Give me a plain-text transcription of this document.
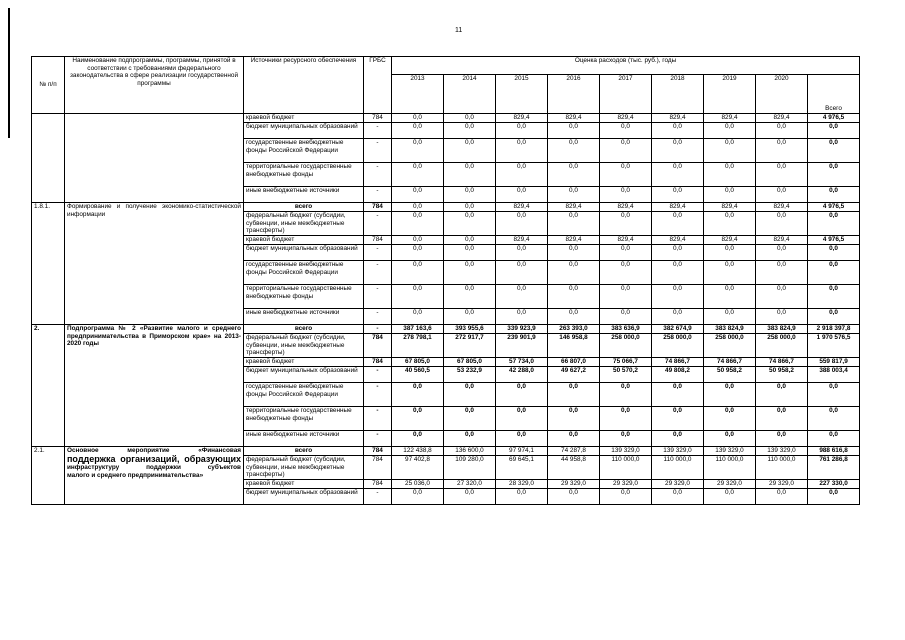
11
№ п/п	Наименование подпрограммы, программы, принятой в соответствии с требованиями федерального законодательства в сфере реализации государственной программы	Источники ресурсного обеспечения	ГРБС	Оценка расходов (тыс. руб.), годы								
				2013	2014	2015	2016	2017	2018	2019	2020	Всего
		краевой бюджет	784	0,0	0,0	829,4	829,4	829,4	829,4	829,4	829,4	4 976,5
		бюджет муниципальных образований	-	0,0	0,0	0,0	0,0	0,0	0,0	0,0	0,0	0,0
		государственные внебюджетные фонды Российской Федерации	-	0,0	0,0	0,0	0,0	0,0	0,0	0,0	0,0	0,0
		территориальные государственные внебюджетные фонды	-	0,0	0,0	0,0	0,0	0,0	0,0	0,0	0,0	0,0
		иные внебюджетные источники	-	0,0	0,0	0,0	0,0	0,0	0,0	0,0	0,0	0,0
1.8.1.	Формирование и получение экономико-статистической информации	всего	784	0,0	0,0	829,4	829,4	829,4	829,4	829,4	829,4	4 976,5
		федеральный бюджет (субсидии, субвенции, иные межбюджетные трансферты)	-	0,0	0,0	0,0	0,0	0,0	0,0	0,0	0,0	0,0
		краевой бюджет	784	0,0	0,0	829,4	829,4	829,4	829,4	829,4	829,4	4 976,5
		бюджет муниципальных образований	-	0,0	0,0	0,0	0,0	0,0	0,0	0,0	0,0	0,0
		государственные внебюджетные фонды Российской Федерации	-	0,0	0,0	0,0	0,0	0,0	0,0	0,0	0,0	0,0
		территориальные государственные внебюджетные фонды	-	0,0	0,0	0,0	0,0	0,0	0,0	0,0	0,0	0,0
		иные внебюджетные источники	-	0,0	0,0	0,0	0,0	0,0	0,0	0,0	0,0	0,0
2.	Подпрограмма № 2 «Развитие малого и среднего предпринимательства в Приморском крае» на 2013-2020 годы	всего	-	387 163,6	393 955,6	339 923,9	263 393,0	383 636,9	382 674,9	383 824,9	383 824,9	2 918 397,8
		федеральный бюджет (субсидии, субвенции, иные межбюджетные трансферты)	784	278 798,1	272 917,7	239 901,9	146 958,8	258 000,0	258 000,0	258 000,0	258 000,0	1 970 576,5
		краевой бюджет	784	67 805,0	67 805,0	57 734,0	66 807,0	75 066,7	74 866,7	74 866,7	74 866,7	559 817,9
		бюджет муниципальных образований	-	40 560,5	53 232,9	42 288,0	49 627,2	50 570,2	49 808,2	50 958,2	50 958,2	388 003,4
		государственные внебюджетные фонды Российской Федерации	-	0,0	0,0	0,0	0,0	0,0	0,0	0,0	0,0	0,0
		территориальные государственные внебюджетные фонды	-	0,0	0,0	0,0	0,0	0,0	0,0	0,0	0,0	0,0
		иные внебюджетные источники	-	0,0	0,0	0,0	0,0	0,0	0,0	0,0	0,0	0,0
2.1.	Основное мероприятие «Финансовая
поддержка организаций, образующих
инфраструктуру поддержки субъектов
малого и среднего предпринимательства»	всего	784	122 438,8	136 600,0	97 974,1	74 287,8	139 329,0	139 329,0	139 329,0	139 329,0	988 616,8
		федеральный бюджет (субсидии, субвенции, иные межбюджетные трансферты)	784	97 402,8	109 280,0	69 645,1	44 958,8	110 000,0	110 000,0	110 000,0	110 000,0	761 286,8
		краевой бюджет	784	25 036,0	27 320,0	28 329,0	29 329,0	29 329,0	29 329,0	29 329,0	29 329,0	227 330,0
		бюджет муниципальных образований	-	0,0	0,0	0,0	0,0	0,0	0,0	0,0	0,0	0,0
